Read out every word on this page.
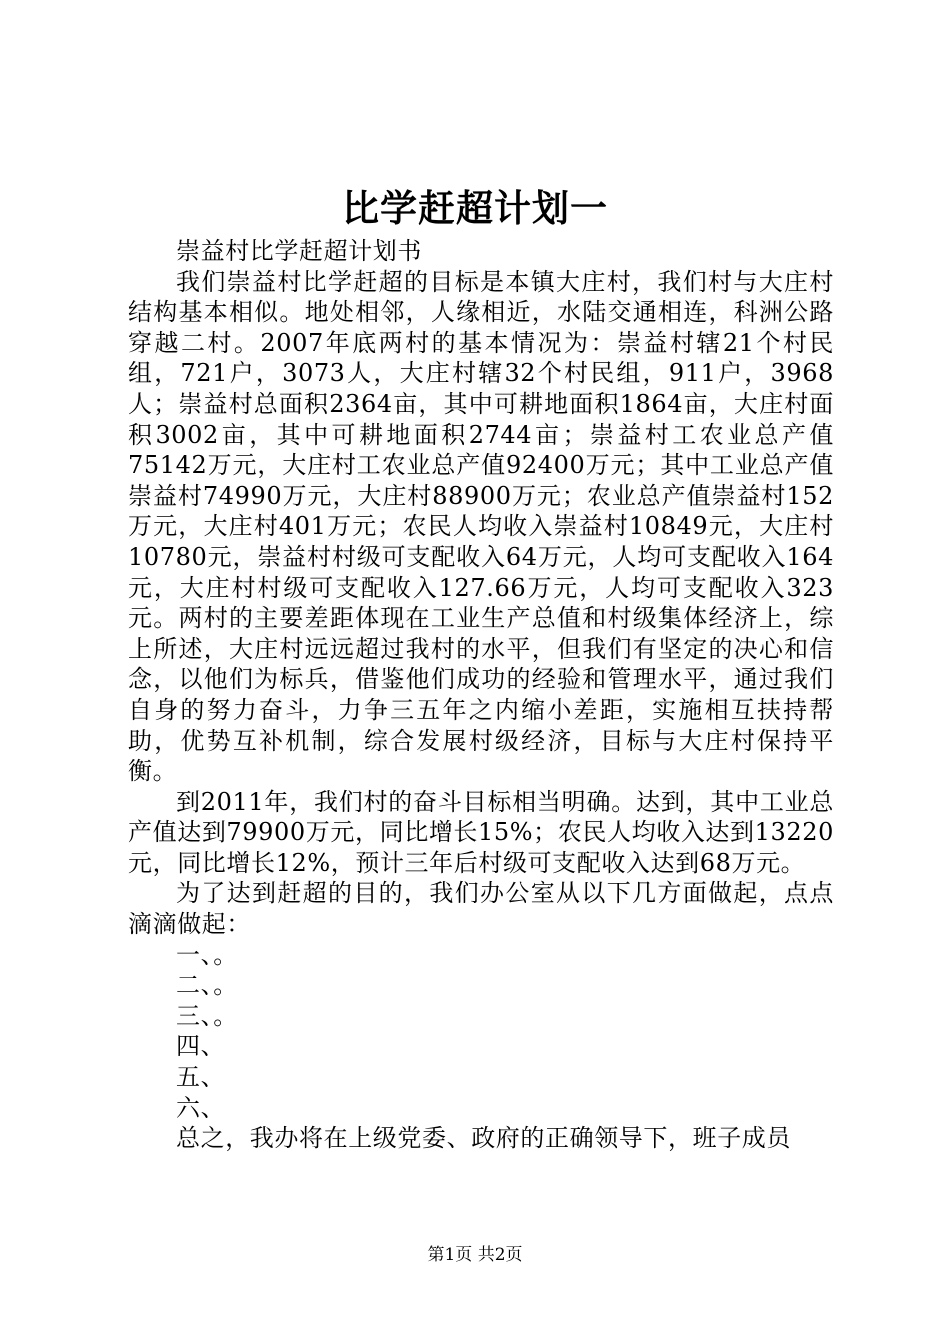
比学赶超计划一

崇益村比学赶超计划书

我们崇益村比学赶超的目标是本镇大庄村，我们村与大庄村结构基本相似。地处相邻，人缘相近，水陆交通相连，科洲公路穿越二村。2007年底两村的基本情况为：崇益村辖21个村民组，721户，3073人，大庄村辖32个村民组，911户，3968人；崇益村总面积2364亩，其中可耕地面积1864亩，大庄村面积3002亩，其中可耕地面积2744亩；崇益村工农业总产值75142万元，大庄村工农业总产值92400万元；其中工业总产值崇益村74990万元，大庄村88900万元；农业总产值崇益村152万元，大庄村401万元；农民人均收入崇益村10849元，大庄村10780元，崇益村村级可支配收入64万元，人均可支配收入164元，大庄村村级可支配收入127.66万元，人均可支配收入323元。两村的主要差距体现在工业生产总值和村级集体经济上，综上所述，大庄村远远超过我村的水平，但我们有坚定的决心和信念，以他们为标兵，借鉴他们成功的经验和管理水平，通过我们自身的努力奋斗，力争三五年之内缩小差距，实施相互扶持帮助，优势互补机制，综合发展村级经济，目标与大庄村保持平衡。

到2011年，我们村的奋斗目标相当明确。达到，其中工业总产值达到79900万元，同比增长15%；农民人均收入达到13220元，同比增长12%，预计三年后村级可支配收入达到68万元。

为了达到赶超的目的，我们办公室从以下几方面做起，点点滴滴做起：

一、。

二、。

三、。

四、

五、

六、

总之，我办将在上级党委、政府的正确领导下，班子成员

第1页 共2页
